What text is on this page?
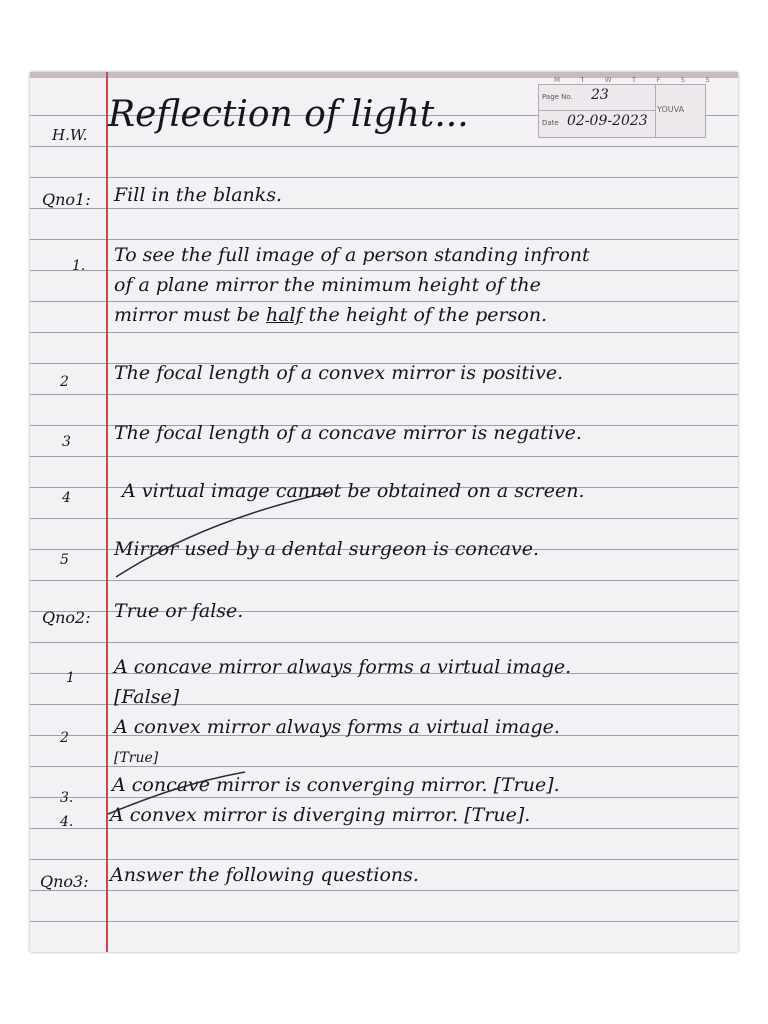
M T W T F S S
Page No. 23
Date 02-09-2023
YOUVA
H.W. Reflection of light...
Qno1: Fill in the blanks.
1. To see the full image of a person standing infront
of a plane mirror the minimum height of the
mirror must be half the height of the person.
2 The focal length of a convex mirror is positive.
3 The focal length of a concave mirror is negative.
4	A virtual image cannot be obtained on a screen.
5 Mirror used by a dental surgeon is concave.
Qno2: True or false.
1 A concave mirror always forms a virtual image.
[False]
2 A convex mirror always forms a virtual image.
[True]
3.
A concave mirror is converging mirror. [True].
4. A convex mirror is diverging mirror. [True].
Qno3: Answer the following questions.
